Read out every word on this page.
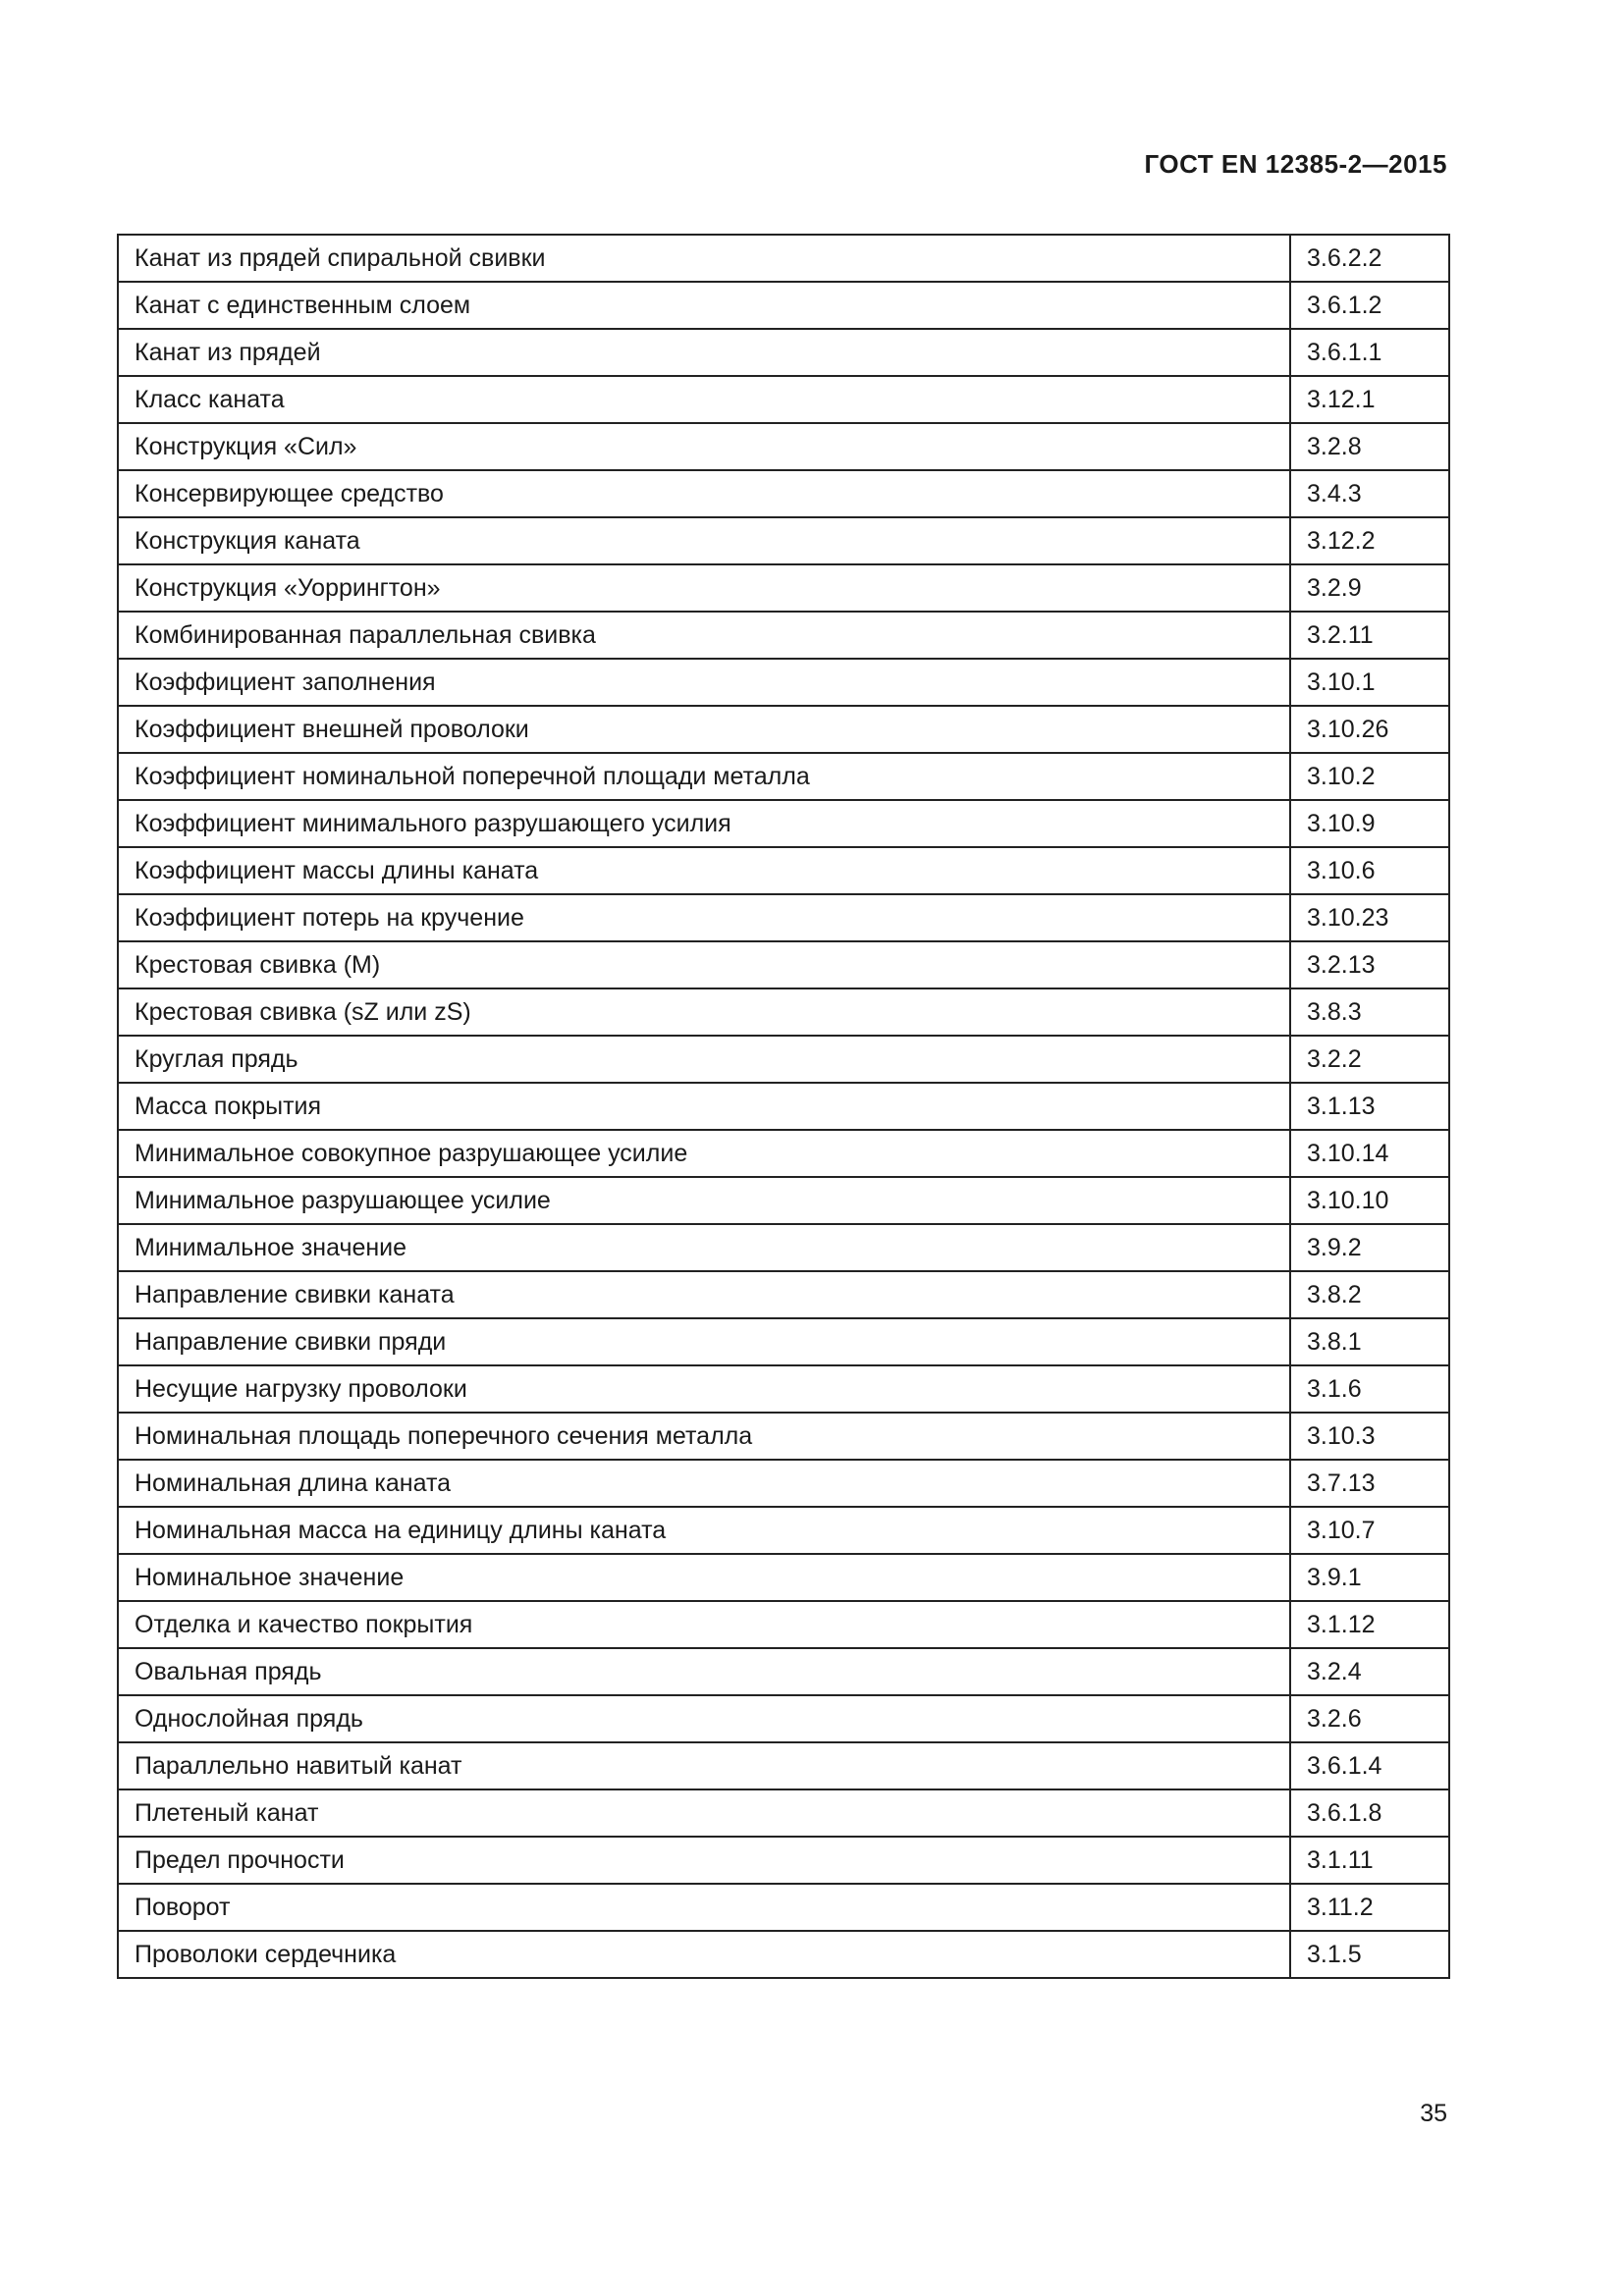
ГОСТ EN 12385-2—2015
Канат из прядей спиральной свивки	3.6.2.2
Канат с единственным слоем	3.6.1.2
Канат из прядей	3.6.1.1
Класс каната	3.12.1
Конструкция «Сил»	3.2.8
Консервирующее средство	3.4.3
Конструкция каната	3.12.2
Конструкция «Уоррингтон»	3.2.9
Комбинированная параллельная свивка	3.2.11
Коэффициент заполнения	3.10.1
Коэффициент внешней проволоки	3.10.26
Коэффициент номинальной поперечной площади металла	3.10.2
Коэффициент минимального разрушающего усилия	3.10.9
Коэффициент массы длины каната	3.10.6
Коэффициент потерь на кручение	3.10.23
Крестовая свивка (M)	3.2.13
Крестовая свивка (sZ или zS)	3.8.3
Круглая прядь	3.2.2
Масса покрытия	3.1.13
Минимальное совокупное разрушающее усилие	3.10.14
Минимальное разрушающее усилие	3.10.10
Минимальное значение	3.9.2
Направление свивки каната	3.8.2
Направление свивки пряди	3.8.1
Несущие нагрузку проволоки	3.1.6
Номинальная площадь поперечного сечения металла	3.10.3
Номинальная длина каната	3.7.13
Номинальная масса на единицу длины каната	3.10.7
Номинальное значение	3.9.1
Отделка и качество покрытия	3.1.12
Овальная прядь	3.2.4
Однослойная прядь	3.2.6
Параллельно навитый канат	3.6.1.4
Плетеный канат	3.6.1.8
Предел прочности	3.1.11
Поворот	3.11.2
Проволоки сердечника	3.1.5
35
